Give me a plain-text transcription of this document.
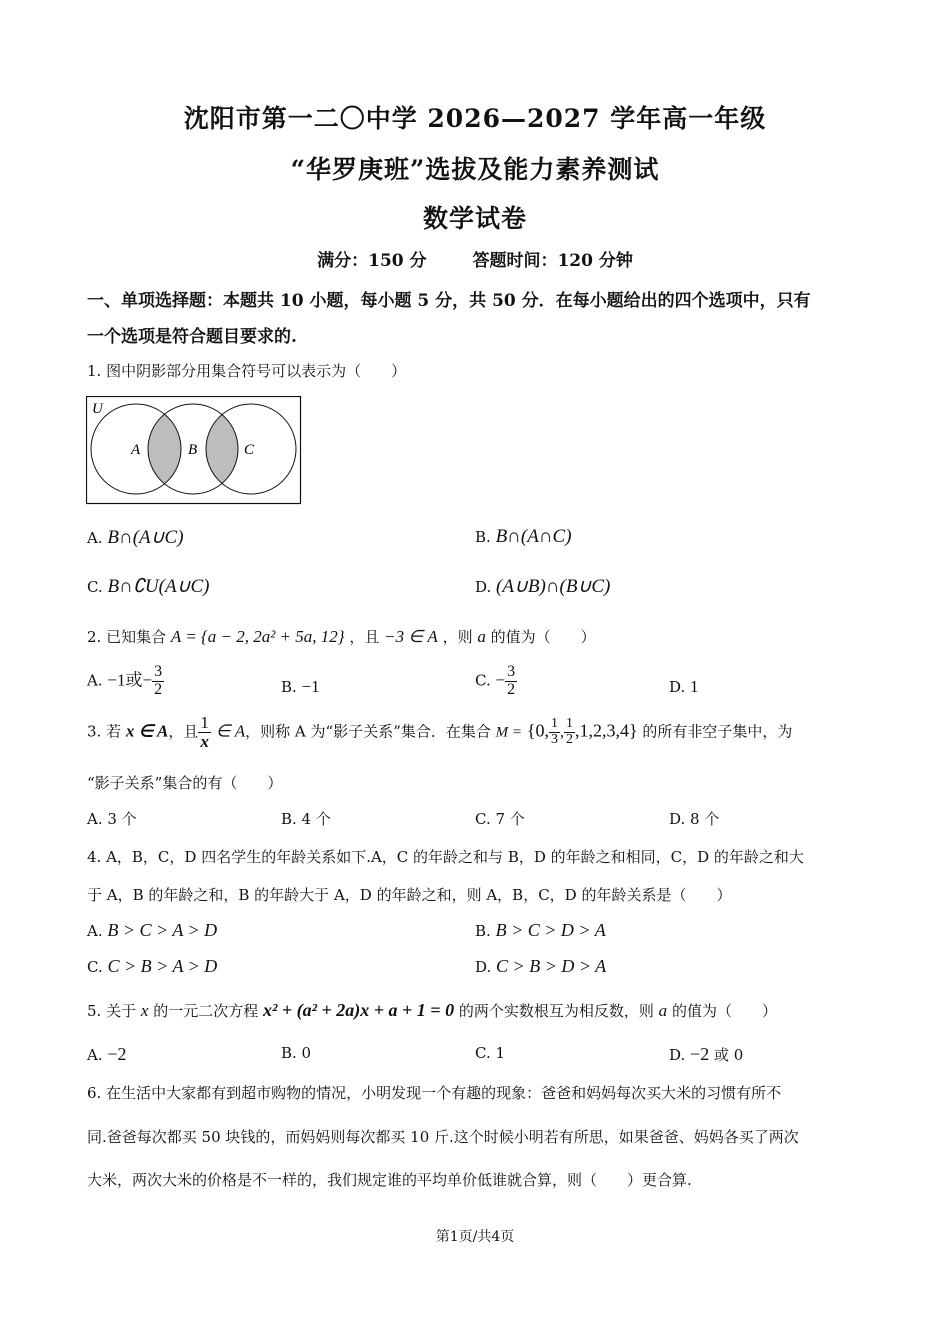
沈阳市第一二〇中学 2026—2027 学年高一年级
“华罗庚班”选拔及能力素养测试
数学试卷
满分：150 分	答题时间：120 分钟
一、单项选择题：本题共 10 小题，每小题 5 分，共 50 分．在每小题给出的四个选项中，只有
一个选项是符合题目要求的.
1. 图中阴影部分用集合符号可以表示为（　　）
U
A	B	C
A. B∩(A∪C)	B. B∩(A∩C)
C. B∩∁U(A∪C)	D. (A∪B)∩(B∪C)
2. 已知集合 A = {a − 2, 2a² + 5a, 12} ，且 −3 ∈ A ，则 a 的值为（　　）
A. −1或− $\frac{3}{2}$	B. −1	C. − $\frac{3}{2}$	D. 1
3. 若 x ∈ A，且 $\frac{1}{x}$ ∈ A，则称 A 为“影子关系”集合．在集合 M = {0, $\frac{1}{3}$ , $\frac{1}{2} ,1,2,3,4$} 的所有非空子集中，为
“影子关系”集合的有（　　）
A. 3 个	B. 4 个	C. 7 个	D. 8 个
4. A，B，C，D 四名学生的年龄关系如下.A，C 的年龄之和与 B，D 的年龄之和相同，C，D 的年龄之和大
于 A，B 的年龄之和，B 的年龄大于 A，D 的年龄之和，则 A，B，C，D 的年龄关系是（　　）
A. B > C > A > D	B. B > C > D > A
C. C > B > A > D	D. C > B > D > A
5. 关于 x 的一元二次方程 x² + (a² + 2a)x + a + 1 = 0 的两个实数根互为相反数，则 a 的值为（　　）
A. −2	B. 0	C. 1	D. −2 或 0
6. 在生活中大家都有到超市购物的情况，小明发现一个有趣的现象：爸爸和妈妈每次买大米的习惯有所不
同.爸爸每次都买 50 块钱的，而妈妈则每次都买 10 斤.这个时候小明若有所思，如果爸爸、妈妈各买了两次
大米，两次大米的价格是不一样的，我们规定谁的平均单价低谁就合算，则（　　）更合算.
第1页/共4页
